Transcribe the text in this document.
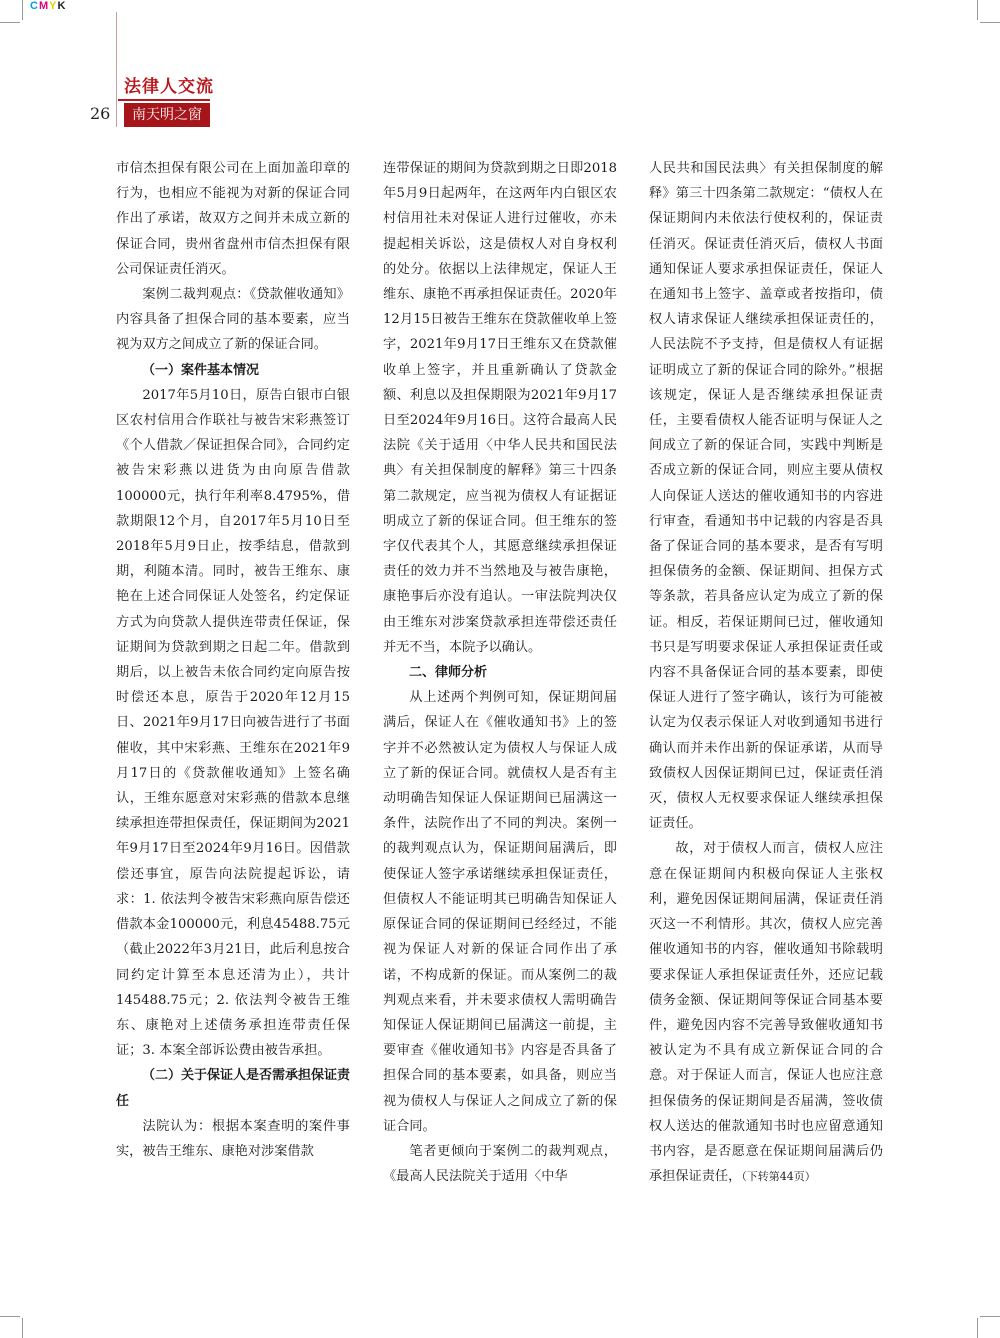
CMYK
法律人交流
26	南天明之窗

市信杰担保有限公司在上面加盖印章的行为，也相应不能视为对新的保证合同作出了承诺，故双方之间并未成立新的保证合同，贵州省盘州市信杰担保有限公司保证责任消灭。

案例二裁判观点：《贷款催收通知》内容具备了担保合同的基本要素，应当视为双方之间成立了新的保证合同。

（一）案件基本情况

2017年5月10日，原告白银市白银区农村信用合作联社与被告宋彩燕签订《个人借款／保证担保合同》，合同约定被告宋彩燕以进货为由向原告借款100000元，执行年利率8.4795%，借款期限12个月，自2017年5月10日至2018年5月9日止，按季结息，借款到期，利随本清。同时，被告王维东、康艳在上述合同保证人处签名，约定保证方式为向贷款人提供连带责任保证，保证期间为贷款到期之日起二年。借款到期后，以上被告未依合同约定向原告按时偿还本息，原告于2020年12月15日、2021年9月17日向被告进行了书面催收，其中宋彩燕、王维东在2021年9月17日的《贷款催收通知》上签名确认，王维东愿意对宋彩燕的借款本息继续承担连带担保责任，保证期间为2021年9月17日至2024年9月16日。因借款偿还事宜，原告向法院提起诉讼，请求：1. 依法判令被告宋彩燕向原告偿还借款本金100000元，利息45488.75元（截止2022年3月21日，此后利息按合同约定计算至本息还清为止），共计145488.75元；2. 依法判令被告王维东、康艳对上述债务承担连带责任保证；3. 本案全部诉讼费由被告承担。

（二）关于保证人是否需承担保证责任

法院认为：根据本案查明的案件事实，被告王维东、康艳对涉案借款

连带保证的期间为贷款到期之日即2018年5月9日起两年，在这两年内白银区农村信用社未对保证人进行过催收，亦未提起相关诉讼，这是债权人对自身权利的处分。依据以上法律规定，保证人王维东、康艳不再承担保证责任。2020年12月15日被告王维东在贷款催收单上签字，2021年9月17日王维东又在贷款催收单上签字，并且重新确认了贷款金额、利息以及担保期限为2021年9月17日至2024年9月16日。这符合最高人民法院《关于适用〈中华人民共和国民法典〉有关担保制度的解释》第三十四条第二款规定，应当视为债权人有证据证明成立了新的保证合同。但王维东的签字仅代表其个人，其愿意继续承担保证责任的效力并不当然地及与被告康艳，康艳事后亦没有追认。一审法院判决仅由王维东对涉案贷款承担连带偿还责任并无不当，本院予以确认。

二、律师分析

从上述两个判例可知，保证期间届满后，保证人在《催收通知书》上的签字并不必然被认定为债权人与保证人成立了新的保证合同。就债权人是否有主动明确告知保证人保证期间已届满这一条件，法院作出了不同的判决。案例一的裁判观点认为，保证期间届满后，即使保证人签字承诺继续承担保证责任，但债权人不能证明其已明确告知保证人原保证合同的保证期间已经经过，不能视为保证人对新的保证合同作出了承诺，不构成新的保证。而从案例二的裁判观点来看，并未要求债权人需明确告知保证人保证期间已届满这一前提，主要审查《催收通知书》内容是否具备了担保合同的基本要素，如具备，则应当视为债权人与保证人之间成立了新的保证合同。

笔者更倾向于案例二的裁判观点，《最高人民法院关于适用〈中华

人民共和国民法典〉有关担保制度的解释》第三十四条第二款规定：“债权人在保证期间内未依法行使权利的，保证责任消灭。保证责任消灭后，债权人书面通知保证人要求承担保证责任，保证人在通知书上签字、盖章或者按指印，债权人请求保证人继续承担保证责任的，人民法院不予支持，但是债权人有证据证明成立了新的保证合同的除外。”根据该规定，保证人是否继续承担保证责任，主要看债权人能否证明与保证人之间成立了新的保证合同，实践中判断是否成立新的保证合同，则应主要从债权人向保证人送达的催收通知书的内容进行审查，看通知书中记载的内容是否具备了保证合同的基本要求，是否有写明担保债务的金额、保证期间、担保方式等条款，若具备应认定为成立了新的保证。相反，若保证期间已过，催收通知书只是写明要求保证人承担保证责任或内容不具备保证合同的基本要素，即使保证人进行了签字确认，该行为可能被认定为仅表示保证人对收到通知书进行确认而并未作出新的保证承诺，从而导致债权人因保证期间已过，保证责任消灭，债权人无权要求保证人继续承担保证责任。

故，对于债权人而言，债权人应注意在保证期间内积极向保证人主张权利，避免因保证期间届满，保证责任消灭这一不利情形。其次，债权人应完善催收通知书的内容，催收通知书除载明要求保证人承担保证责任外，还应记载债务金额、保证期间等保证合同基本要件，避免因内容不完善导致催收通知书被认定为不具有成立新保证合同的合意。对于保证人而言，保证人也应注意担保债务的保证期间是否届满，签收债权人送达的催款通知书时也应留意通知书内容，是否愿意在保证期间届满后仍承担保证责任，（下转第44页）
